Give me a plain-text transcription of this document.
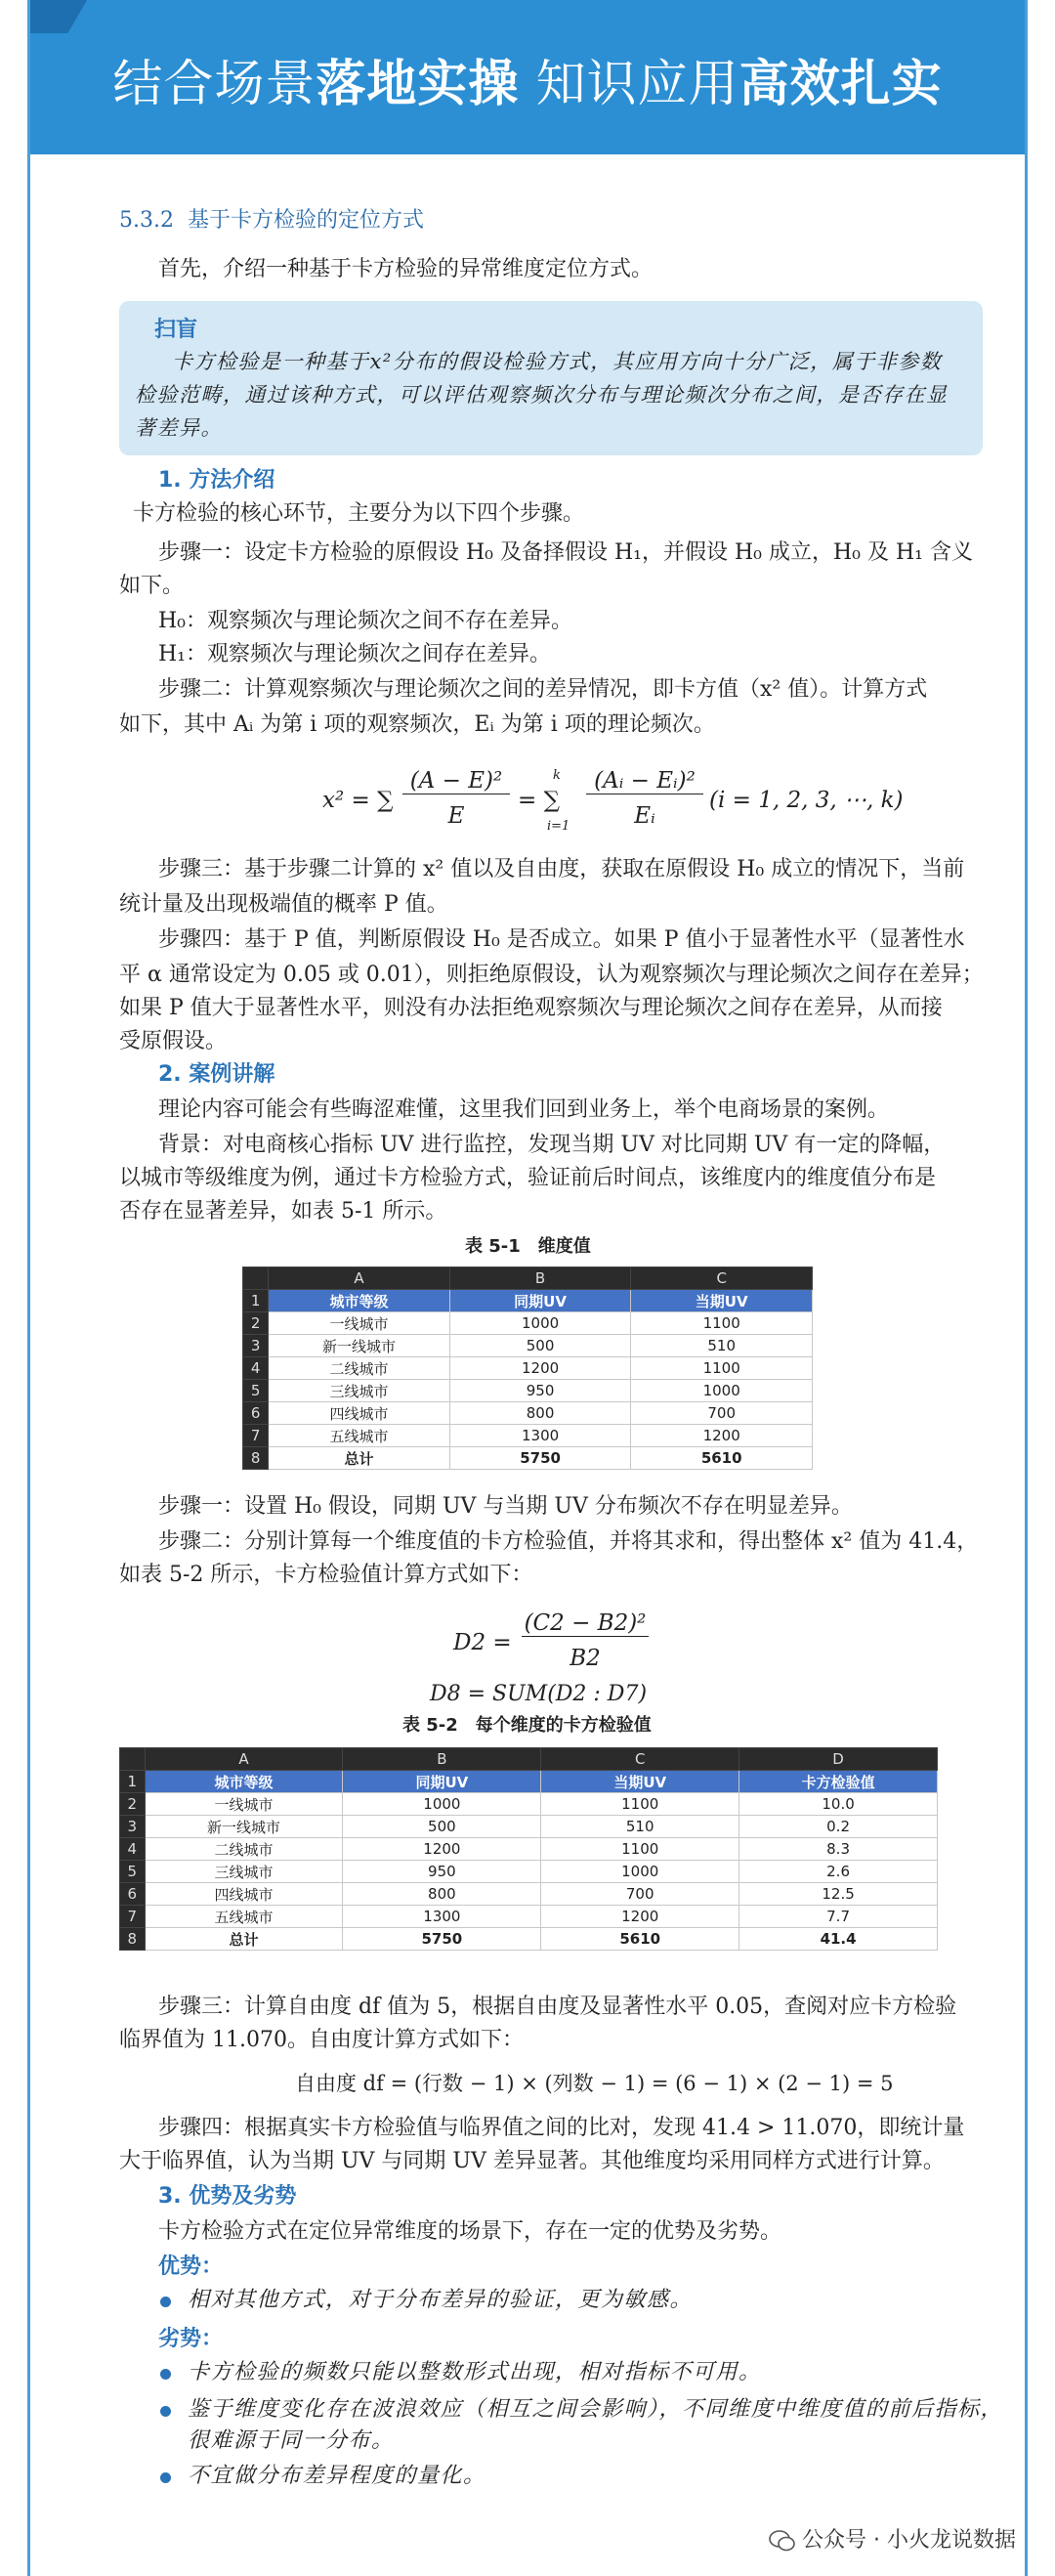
结合场景落地实操 知识应用高效扎实

5.3.2 基于卡方检验的定位方式

首先，介绍一种基于卡方检验的异常维度定位方式。

扫盲
卡方检验是一种基于x²分布的假设检验方式，其应用方向十分广泛，属于非参数
检验范畴，通过该种方式，可以评估观察频次分布与理论频次分布之间，是否存在显
著差异。

1. 方法介绍

卡方检验的核心环节，主要分为以下四个步骤。

步骤一：设定卡方检验的原假设 H₀ 及备择假设 H₁，并假设 H₀ 成立，H₀ 及 H₁ 含义

如下。

H₀：观察频次与理论频次之间不存在差异。

H₁：观察频次与理论频次之间存在差异。

步骤二：计算观察频次与理论频次之间的差异情况，即卡方值（x² 值）。计算方式

如下，其中 Aᵢ 为第 i 项的观察频次，Eᵢ 为第 i 项的理论频次。

x² = ∑
(A − E)²
E
= ∑
k
i=1
(Aᵢ − Eᵢ)²
Eᵢ
(i = 1, 2, 3, ⋯, k)

步骤三：基于步骤二计算的 x² 值以及自由度，获取在原假设 H₀ 成立的情况下，当前

统计量及出现极端值的概率 P 值。

步骤四：基于 P 值，判断原假设 H₀ 是否成立。如果 P 值小于显著性水平（显著性水

平 α 通常设定为 0.05 或 0.01），则拒绝原假设，认为观察频次与理论频次之间存在差异；

如果 P 值大于显著性水平，则没有办法拒绝观察频次与理论频次之间存在差异，从而接

受原假设。

2. 案例讲解

理论内容可能会有些晦涩难懂，这里我们回到业务上，举个电商场景的案例。

背景：对电商核心指标 UV 进行监控，发现当期 UV 对比同期 UV 有一定的降幅，

以城市等级维度为例，通过卡方检验方式，验证前后时间点，该维度内的维度值分布是

否存在显著差异，如表 5-1 所示。

表 5-1　维度值

	A	B	C
1	城市等级	同期UV	当期UV
2	一线城市	1000	1100
3	新一线城市	500	510
4	二线城市	1200	1100
5	三线城市	950	1000
6	四线城市	800	700
7	五线城市	1300	1200
8	总计	5750	5610

步骤一：设置 H₀ 假设，同期 UV 与当期 UV 分布频次不存在明显差异。

步骤二：分别计算每一个维度值的卡方检验值，并将其求和，得出整体 x² 值为 41.4，

如表 5-2 所示，卡方检验值计算方式如下：

D2 =
(C2 − B2)²
B2

D8 = SUM(D2 : D7)

表 5-2　每个维度的卡方检验值

	A	B	C	D
1	城市等级	同期UV	当期UV	卡方检验值
2	一线城市	1000	1100	10.0
3	新一线城市	500	510	0.2
4	二线城市	1200	1100	8.3
5	三线城市	950	1000	2.6
6	四线城市	800	700	12.5
7	五线城市	1300	1200	7.7
8	总计	5750	5610	41.4

步骤三：计算自由度 df 值为 5，根据自由度及显著性水平 0.05，查阅对应卡方检验

临界值为 11.070。自由度计算方式如下：

自由度 df = (行数 − 1) × (列数 − 1) = (6 − 1) × (2 − 1) = 5

步骤四：根据真实卡方检验值与临界值之间的比对，发现 41.4 > 11.070，即统计量

大于临界值，认为当期 UV 与同期 UV 差异显著。其他维度均采用同样方式进行计算。

3. 优势及劣势

卡方检验方式在定位异常维度的场景下，存在一定的优势及劣势。

优势：

相对其他方式，对于分布差异的验证，更为敏感。

劣势：

卡方检验的频数只能以整数形式出现，相对指标不可用。

鉴于维度变化存在波浪效应（相互之间会影响），不同维度中维度值的前后指标，

很难源于同一分布。

不宜做分布差异程度的量化。

公众号 · 小火龙说数据
